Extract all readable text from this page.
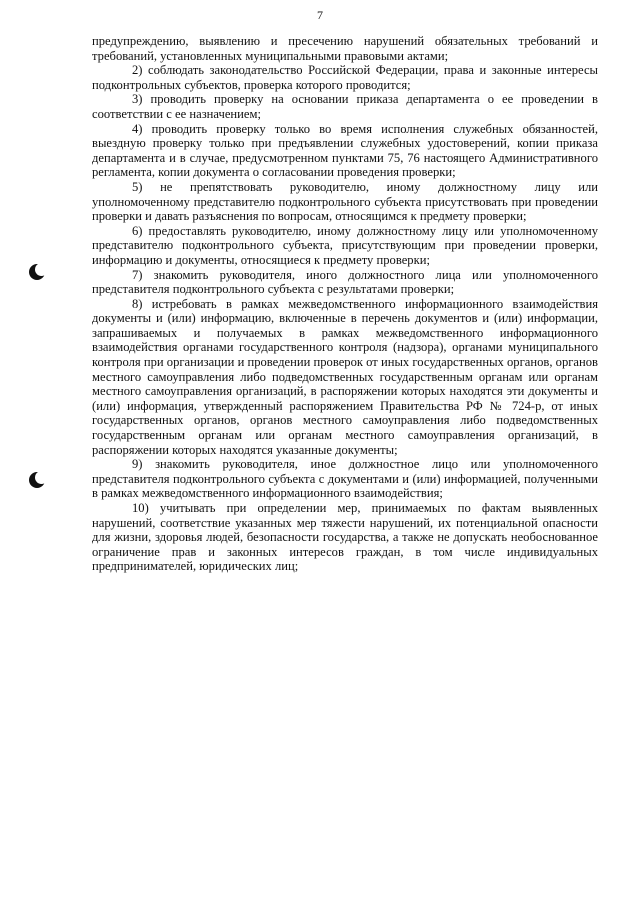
7

предупреждению, выявлению и пресечению нарушений обязательных требований и требований, установленных муниципальными правовыми актами;

2) соблюдать законодательство Российской Федерации, права и законные интересы подконтрольных субъектов, проверка которого проводится;

3) проводить проверку на основании приказа департамента о ее проведении в соответствии с ее назначением;

4) проводить проверку только во время исполнения служебных обязанностей, выездную проверку только при предъявлении служебных удостоверений, копии приказа департамента и в случае, предусмотренном пунктами 75, 76 настоящего Административного регламента, копии документа о согласовании проведения проверки;

5) не препятствовать руководителю, иному должностному лицу или уполномоченному представителю подконтрольного субъекта присутствовать при проведении проверки и давать разъяснения по вопросам, относящимся к предмету проверки;

6) предоставлять руководителю, иному должностному лицу или уполномоченному представителю подконтрольного субъекта, присутствующим при проведении проверки, информацию и документы, относящиеся к предмету проверки;

7) знакомить руководителя, иного должностного лица или уполномоченного представителя подконтрольного субъекта с результатами проверки;

8) истребовать в рамках межведомственного информационного взаимодействия документы и (или) информацию, включенные в перечень документов и (или) информации, запрашиваемых и получаемых в рамках межведомственного информационного взаимодействия органами государственного контроля (надзора), органами муниципального контроля при организации и проведении проверок от иных государственных органов, органов местного самоуправления либо подведомственных государственным органам или органам местного самоуправления организаций, в распоряжении которых находятся эти документы и (или) информация, утвержденный распоряжением Правительства РФ № 724-р, от иных государственных органов, органов местного самоуправления либо подведомственных государственным органам или органам местного самоуправления организаций, в распоряжении которых находятся указанные документы;

9) знакомить руководителя, иное должностное лицо или уполномоченного представителя подконтрольного субъекта с документами и (или) информацией, полученными в рамках межведомственного информационного взаимодействия;

10) учитывать при определении мер, принимаемых по фактам выявленных нарушений, соответствие указанных мер тяжести нарушений, их потенциальной опасности для жизни, здоровья людей, безопасности государства, а также не допускать необоснованное ограничение прав и законных интересов граждан, в том числе индивидуальных предпринимателей, юридических лиц;
